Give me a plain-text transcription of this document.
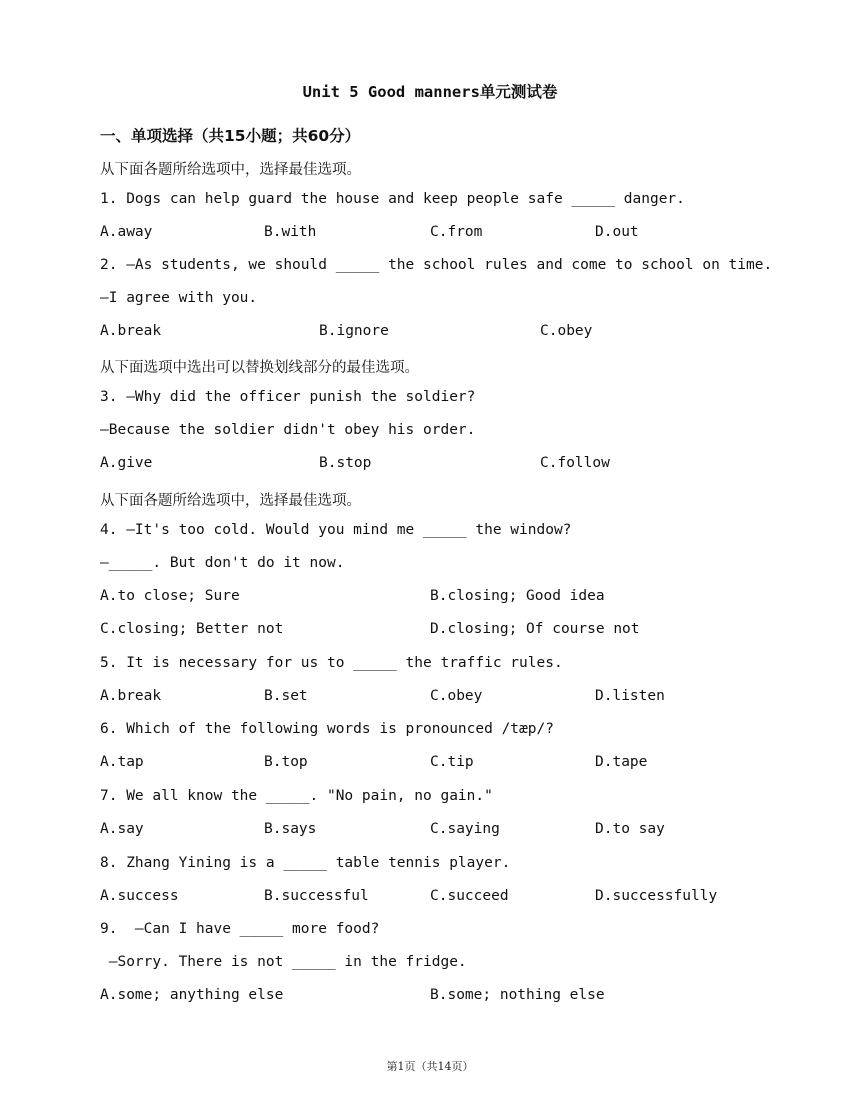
Unit 5 Good manners单元测试卷
一、单项选择（共15小题；共60分）
从下面各题所给选项中，选择最佳选项。
1. Dogs can help guard the house and keep people safe _____ danger.
A.away	B.with	C.from	D.out
2. —As students, we should _____ the school rules and come to school on time.
—I agree with you.
A.break	B.ignore	C.obey
从下面选项中选出可以替换划线部分的最佳选项。
3. —Why did the officer punish the soldier?
—Because the soldier didn't obey his order.
A.give	B.stop	C.follow
从下面各题所给选项中，选择最佳选项。
4. —It's too cold. Would you mind me _____ the window?
—_____. But don't do it now.
A.to close; Sure	B.closing; Good idea
C.closing; Better not	D.closing; Of course not
5. It is necessary for us to _____ the traffic rules.
A.break	B.set	C.obey	D.listen
6. Which of the following words is pronounced /tæp/?
A.tap	B.top	C.tip	D.tape
7. We all know the _____. "No pain, no gain."
A.say	B.says	C.saying	D.to say
8. Zhang Yining is a _____ table tennis player.
A.success	B.successful	C.succeed	D.successfully
9.  —Can I have _____ more food?
—Sorry. There is not _____ in the fridge.
A.some; anything else	B.some; nothing else
第1页（共14页）
